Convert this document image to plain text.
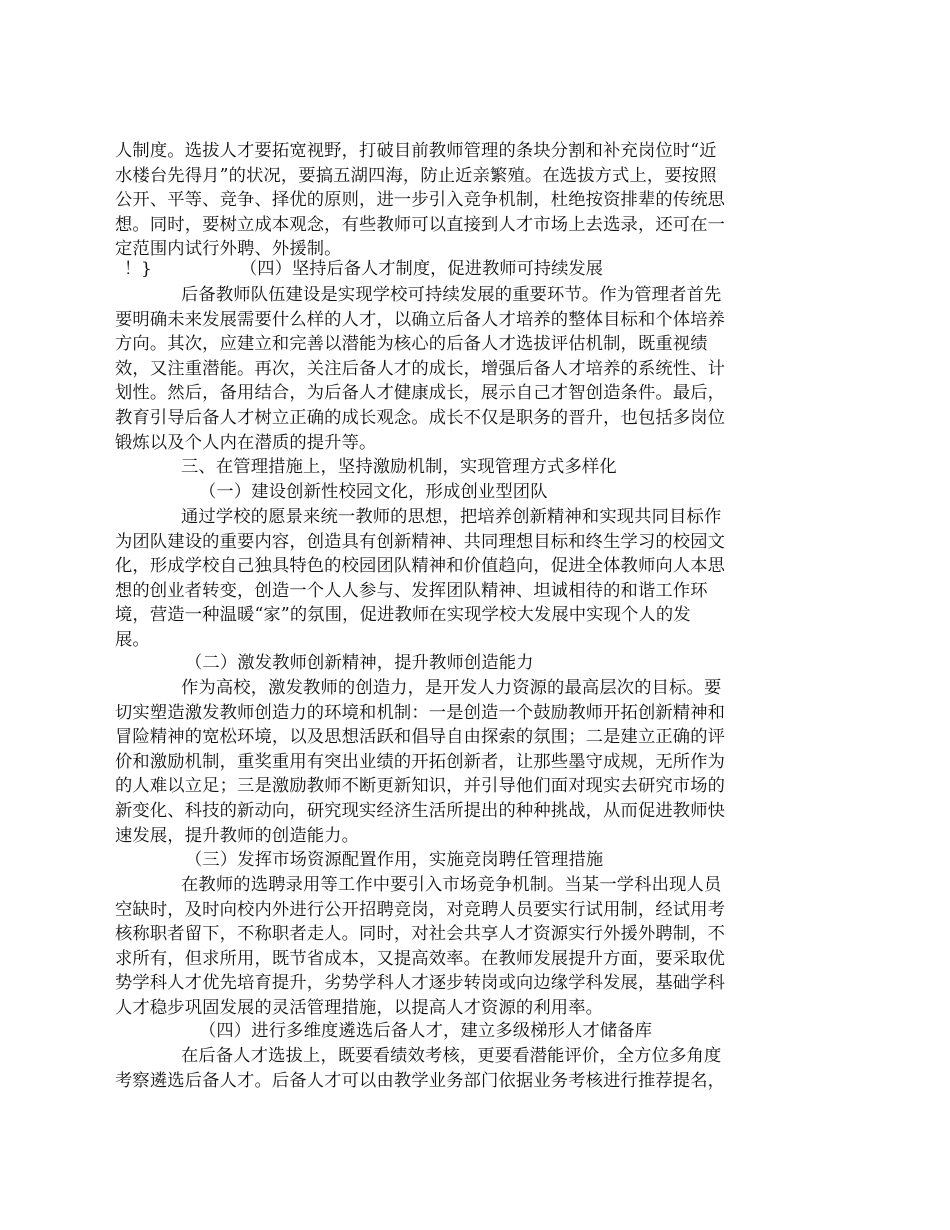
人制度。选拔人才要拓宽视野，打破目前教师管理的条块分割和补充岗位时“近
水楼台先得月”的状况，要搞五湖四海，防止近亲繁殖。在选拔方式上，要按照
公开、平等、竞争、择优的原则，进一步引入竞争机制，杜绝按资排辈的传统思
想。同时，要树立成本观念，有些教师可以直接到人才市场上去选录，还可在一
定范围内试行外聘、外援制。
！}	（四）坚持后备人才制度，促进教师可持续发展
后备教师队伍建设是实现学校可持续发展的重要环节。作为管理者首先
要明确未来发展需要什么样的人才，以确立后备人才培养的整体目标和个体培养
方向。其次，应建立和完善以潜能为核心的后备人才选拔评估机制，既重视绩
效，又注重潜能。再次，关注后备人才的成长，增强后备人才培养的系统性、计
划性。然后，备用结合，为后备人才健康成长，展示自己才智创造条件。最后，
教育引导后备人才树立正确的成长观念。成长不仅是职务的晋升，也包括多岗位
锻炼以及个人内在潜质的提升等。
三、在管理措施上，坚持激励机制，实现管理方式多样化
（一）建设创新性校园文化，形成创业型团队
通过学校的愿景来统一教师的思想，把培养创新精神和实现共同目标作
为团队建设的重要内容，创造具有创新精神、共同理想目标和终生学习的校园文
化，形成学校自己独具特色的校园团队精神和价值趋向，促进全体教师向人本思
想的创业者转变，创造一个人人参与、发挥团队精神、坦诚相待的和谐工作环
境，营造一种温暖“家”的氛围，促进教师在实现学校大发展中实现个人的发
展。
（二）激发教师创新精神，提升教师创造能力
作为高校，激发教师的创造力，是开发人力资源的最高层次的目标。要
切实塑造激发教师创造力的环境和机制：一是创造一个鼓励教师开拓创新精神和
冒险精神的宽松环境，以及思想活跃和倡导自由探索的氛围；二是建立正确的评
价和激励机制，重奖重用有突出业绩的开拓创新者，让那些墨守成规，无所作为
的人难以立足；三是激励教师不断更新知识，并引导他们面对现实去研究市场的
新变化、科技的新动向，研究现实经济生活所提出的种种挑战，从而促进教师快
速发展，提升教师的创造能力。
（三）发挥市场资源配置作用，实施竞岗聘任管理措施
在教师的选聘录用等工作中要引入市场竞争机制。当某一学科出现人员
空缺时，及时向校内外进行公开招聘竞岗，对竞聘人员要实行试用制，经试用考
核称职者留下，不称职者走人。同时，对社会共享人才资源实行外援外聘制，不
求所有，但求所用，既节省成本，又提高效率。在教师发展提升方面，要采取优
势学科人才优先培育提升，劣势学科人才逐步转岗或向边缘学科发展，基础学科
人才稳步巩固发展的灵活管理措施，以提高人才资源的利用率。
（四）进行多维度遴选后备人才，建立多级梯形人才储备库
在后备人才选拔上，既要看绩效考核，更要看潜能评价，全方位多角度
考察遴选后备人才。后备人才可以由教学业务部门依据业务考核进行推荐提名，
